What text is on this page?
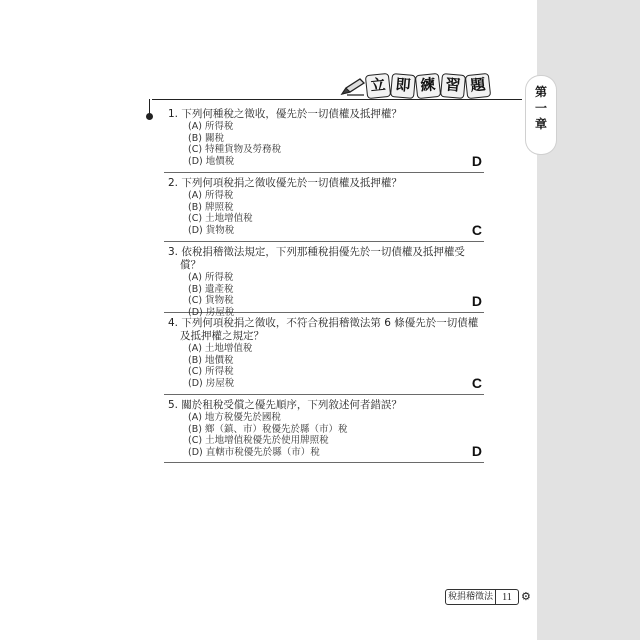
第
一
章
立 即 練 習 題
1. 下列何種稅之徵收，優先於一切債權及抵押權？
(A) 所得稅
(B) 關稅
(C) 特種貨物及勞務稅
(D) 地價稅	D
2. 下列何項稅捐之徵收優先於一切債權及抵押權？
(A) 所得稅
(B) 牌照稅
(C) 土地增值稅
(D) 貨物稅	C
3. 依稅捐稽徵法規定，下列那種稅捐優先於一切債權及抵押權受償？
(A) 所得稅
(B) 遺產稅
(C) 貨物稅
(D) 房屋稅
D
4. 下列何項稅捐之徵收，不符合稅捐稽徵法第 6 條優先於一切債權及抵押權之規定？
(A) 土地增值稅
(B) 地價稅
(C) 所得稅
(D) 房屋稅	C
5. 關於租稅受償之優先順序，下列敘述何者錯誤？
(A) 地方稅優先於國稅
(B) 鄉（鎮、市）稅優先於縣（市）稅
(C) 土地增值稅優先於使用牌照稅
(D) 直轄市稅優先於縣（市）稅	D
稅捐稽徵法 11 ⚙
